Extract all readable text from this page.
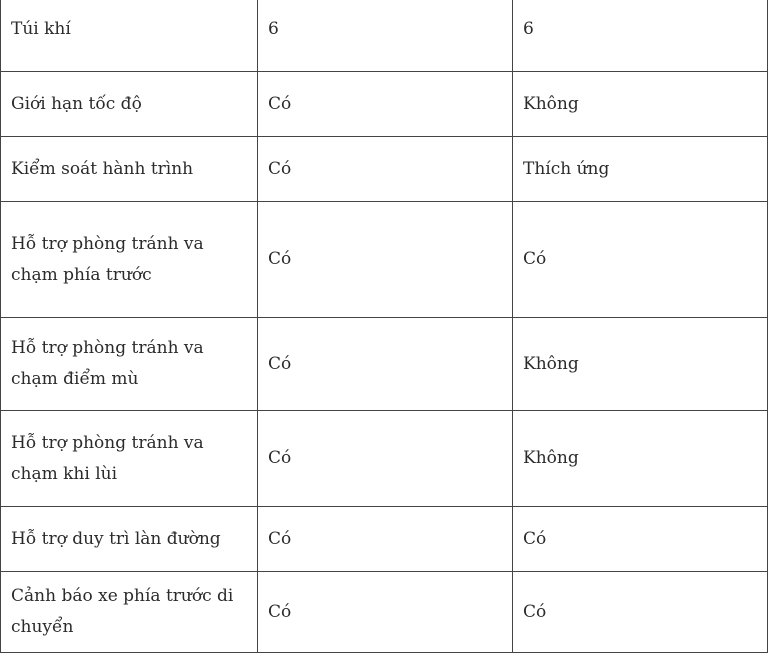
Túi khí	6	6
Giới hạn tốc độ	Có	Không
Kiểm soát hành trình	Có	Thích ứng
Hỗ trợ phòng tránh va chạm phía trước	Có	Có
Hỗ trợ phòng tránh va chạm điểm mù	Có	Không
Hỗ trợ phòng tránh va chạm khi lùi	Có	Không
Hỗ trợ duy trì làn đường	Có	Có
Cảnh báo xe phía trước di chuyển	Có	Có
